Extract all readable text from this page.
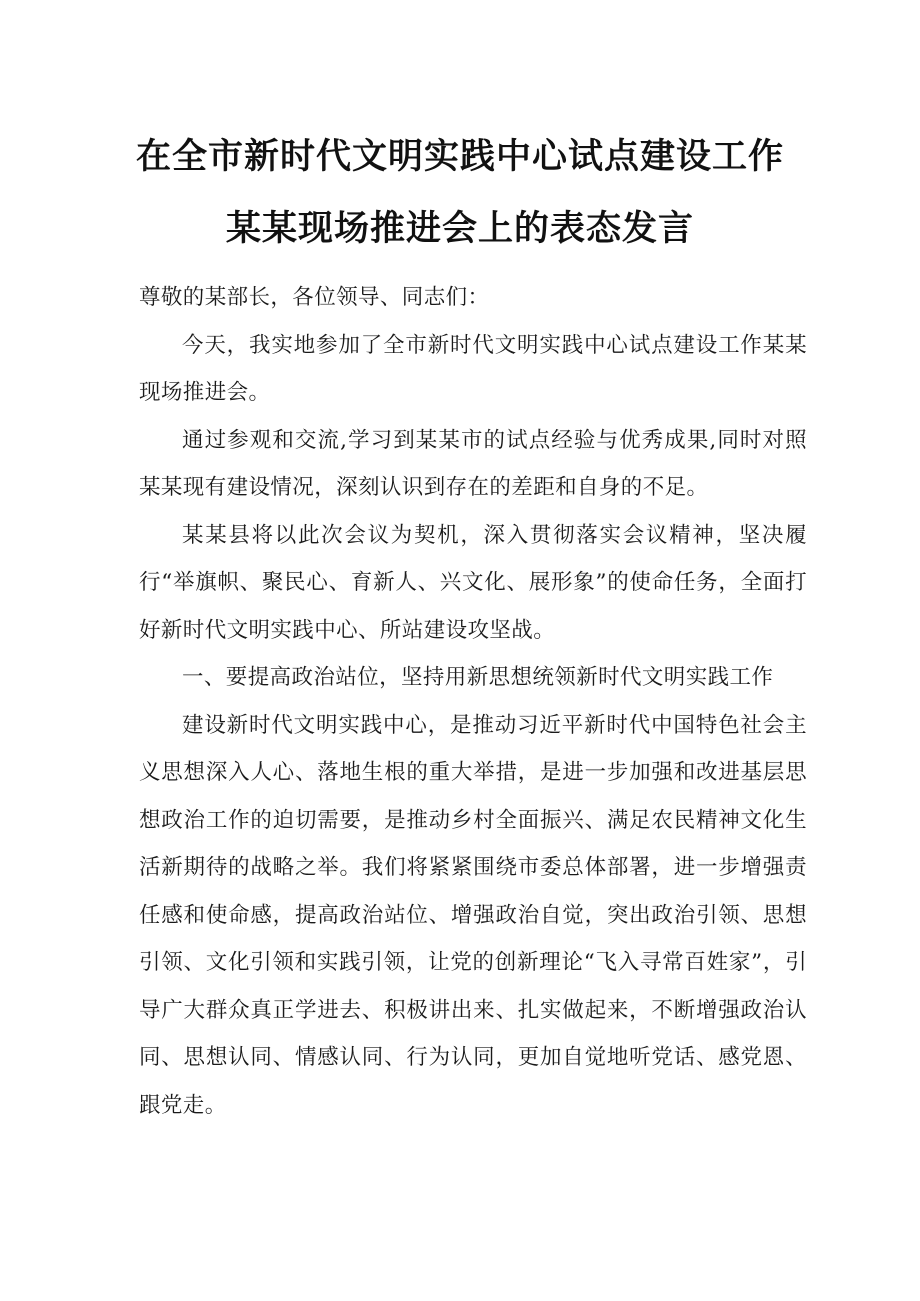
在全市新时代文明实践中心试点建设工作
某某现场推进会上的表态发言

尊敬的某部长，各位领导、同志们：

今天，我实地参加了全市新时代文明实践中心试点建设工作某某现场推进会。

通过参观和交流,学习到某某市的试点经验与优秀成果,同时对照某某现有建设情况，深刻认识到存在的差距和自身的不足。

某某县将以此次会议为契机，深入贯彻落实会议精神，坚决履行“举旗帜、聚民心、育新人、兴文化、展形象”的使命任务，全面打好新时代文明实践中心、所站建设攻坚战。

一、要提高政治站位，坚持用新思想统领新时代文明实践工作

建设新时代文明实践中心，是推动习近平新时代中国特色社会主义思想深入人心、落地生根的重大举措，是进一步加强和改进基层思想政治工作的迫切需要，是推动乡村全面振兴、满足农民精神文化生活新期待的战略之举。我们将紧紧围绕市委总体部署，进一步增强责任感和使命感，提高政治站位、增强政治自觉，突出政治引领、思想引领、文化引领和实践引领，让党的创新理论“飞入寻常百姓家”，引导广大群众真正学进去、积极讲出来、扎实做起来，不断增强政治认同、思想认同、情感认同、行为认同，更加自觉地听党话、感党恩、跟党走。
